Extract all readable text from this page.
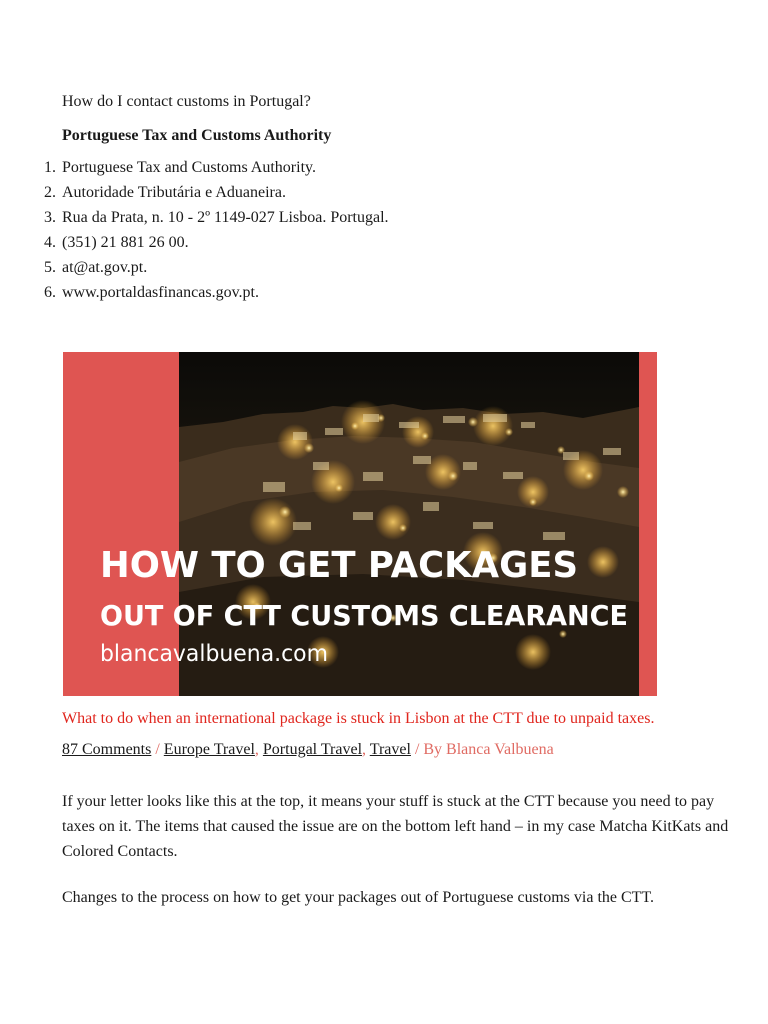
How do I contact customs in Portugal?

Portuguese Tax and Customs Authority

1. Portuguese Tax and Customs Authority.
2. Autoridade Tributária e Aduaneira.
3. Rua da Prata, n. 10 - 2º 1149-027 Lisboa. Portugal.
4. (351) 21 881 26 00.
5. at@at.gov.pt.
6. www.portaldasfinancas.gov.pt.
HOW TO GET PACKAGES
OUT OF CTT CUSTOMS CLEARANCE
blancavalbuena.com

What to do when an international package is stuck in Lisbon at the CTT due to unpaid taxes.

87 Comments / Europe Travel, Portugal Travel, Travel / By Blanca Valbuena

If your letter looks like this at the top, it means your stuff is stuck at the CTT because you need to pay taxes on it. The items that caused the issue are on the bottom left hand – in my case Matcha KitKats and Colored Contacts.

Changes to the process on how to get your packages out of Portuguese customs via the CTT.
